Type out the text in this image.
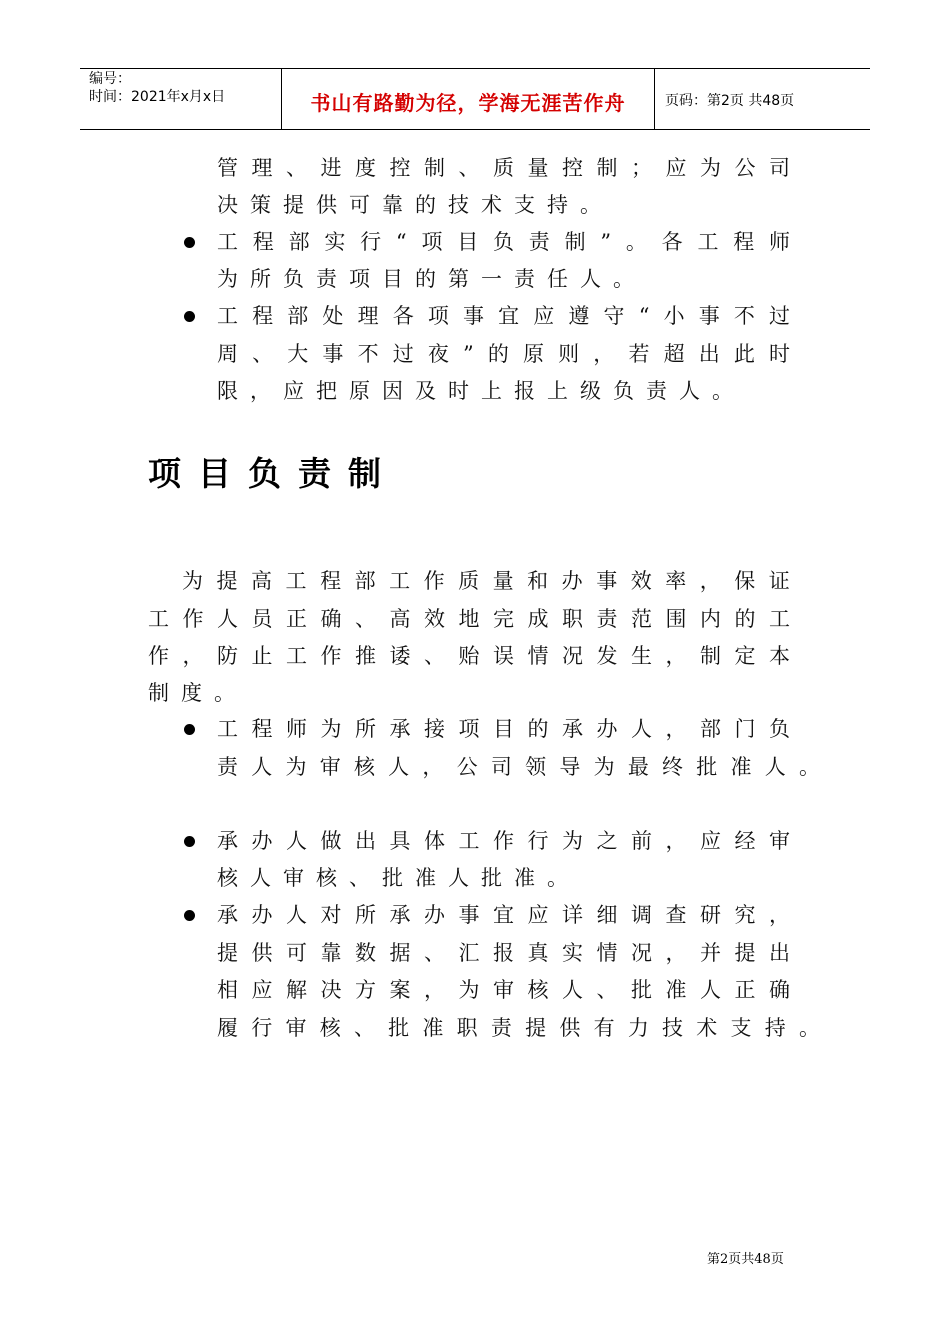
编号：
时间：2021年x月x日	书山有路勤为径，学海无涯苦作舟	页码：第2页 共48页
管 理 、 进 度 控 制 、 质 量 控 制 ； 应 为 公 司
决策提供可靠的技术支持。
工 程 部 实 行 “ 项 目 负 责 制 ” 。 各 工 程 师
为所负责项目的第一责任人。
工 程 部 处 理 各 项 事 宜 应 遵 守 “ 小 事 不 过
周 、 大 事 不 过 夜 ” 的 原 则 ， 若 超 出 此 时
限，应把原因及时上报上级负责人。
项目负责制
为 提 高 工 程 部 工 作 质 量 和 办 事 效 率 ， 保 证
工 作 人 员 正 确 、 高 效 地 完 成 职 责 范 围 内 的 工
作 ， 防 止 工 作 推 诿 、 贻 误 情 况 发 生 ， 制 定 本
制度。
工 程 师 为 所 承 接 项 目 的 承 办 人 ， 部 门 负
责 人 为 审 核 人 ， 公 司 领 导 为 最 终 批 准 人 。
承 办 人 做 出 具 体 工 作 行 为 之 前 ， 应 经 审
核人审核、批准人批准。
承 办 人 对 所 承 办 事 宜 应 详 细 调 查 研 究 ，
提 供 可 靠 数 据 、 汇 报 真 实 情 况 ， 并 提 出
相 应 解 决 方 案 ， 为 审 核 人 、 批 准 人 正 确
履 行 审 核 、 批 准 职 责 提 供 有 力 技 术 支 持 。
第2页共48页
